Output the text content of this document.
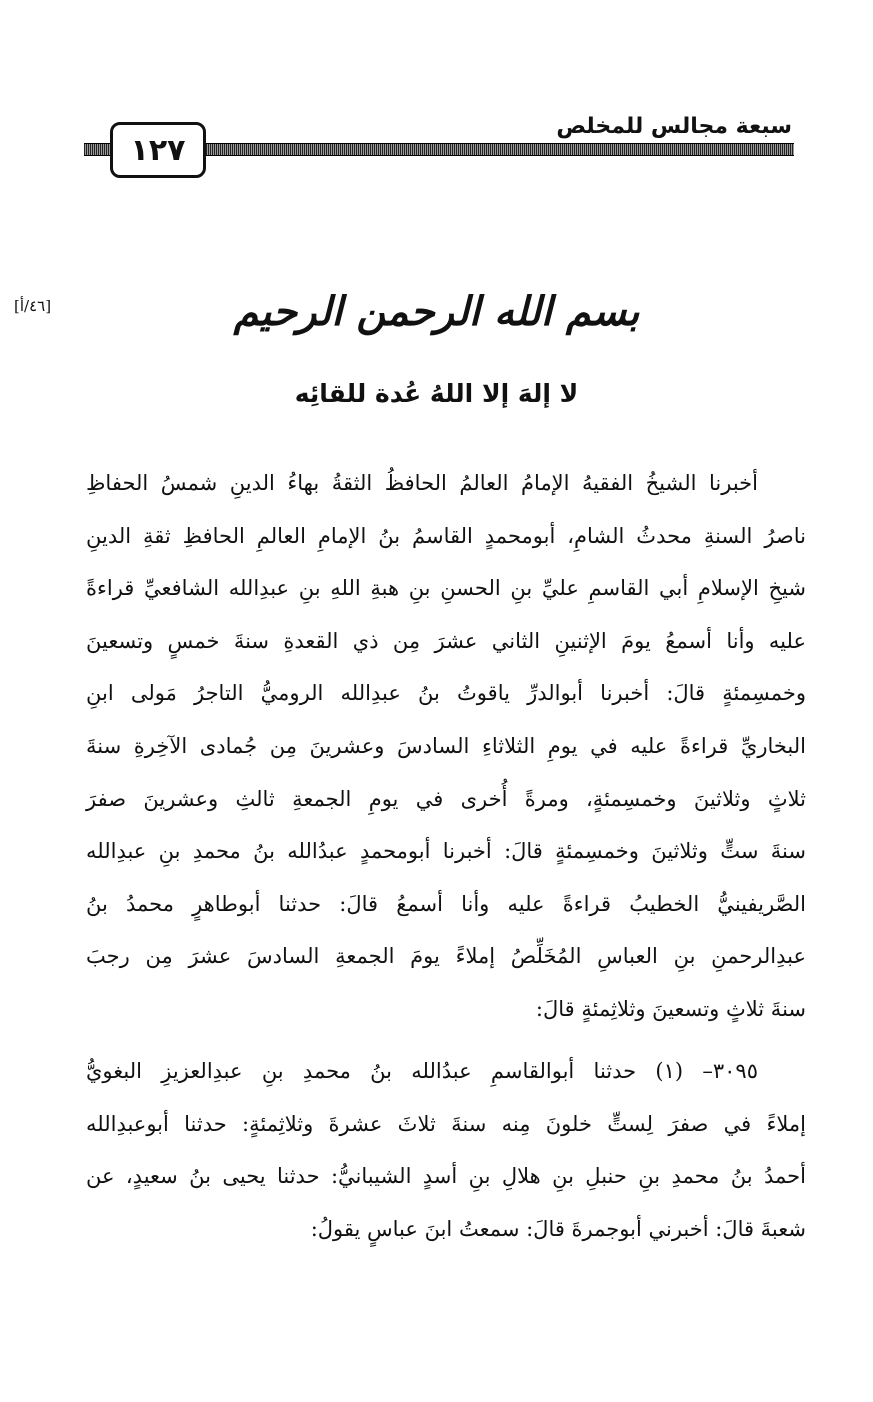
١٢٧
سبعة مجالس للمخلص
[٤٦/أ]	بسم الله الرحمن الرحيم
لا إلهَ إلا اللهُ عُدة للقائِه
أخبرنا الشيخُ الفقيهُ الإمامُ العالمُ الحافظُ الثقةُ بهاءُ الدينِ شمسُ الحفاظِ
ناصرُ السنةِ محدثُ الشامِ، أبومحمدٍ القاسمُ بنُ الإمامِ العالمِ الحافظِ ثقةِ الدينِ
شيخِ الإسلامِ أبي القاسمِ عليِّ بنِ الحسنِ بنِ هبةِ اللهِ بنِ عبدِالله الشافعيِّ قراءةً
عليه وأنا أسمعُ يومَ الإثنينِ الثاني عشرَ مِن ذي القعدةِ سنةَ خمسٍ وتسعينَ
وخمسِمئةٍ قالَ: أخبرنا أبوالدرِّ ياقوتُ بنُ عبدِالله الروميُّ التاجرُ مَولى ابنِ
البخاريِّ قراءةً عليه في يومِ الثلاثاءِ السادسَ وعشرينَ مِن جُمادى الآخِرةِ سنةَ
ثلاثٍ وثلاثينَ وخمسِمئةٍ، ومرةً أُخرى في يومِ الجمعةِ ثالثِ وعشرينَ صفرَ
سنةَ ستٍّ وثلاثينَ وخمسِمئةٍ قالَ: أخبرنا أبومحمدٍ عبدُالله بنُ محمدِ بنِ عبدِالله
الصَّريفينيُّ الخطيبُ قراءةً عليه وأنا أسمعُ قالَ: حدثنا أبوطاهرٍ محمدُ بنُ
عبدِالرحمنِ بنِ العباسِ المُخَلِّصُ إملاءً يومَ الجمعةِ السادسَ عشرَ مِن رجبَ
سنةَ ثلاثٍ وتسعينَ وثلاثِمئةٍ قالَ:
٣٠٩٥– (١) حدثنا أبوالقاسمِ عبدُالله بنُ محمدِ بنِ عبدِالعزيزِ البغويُّ
إملاءً في صفرَ لِستٍّ خلونَ مِنه سنةَ ثلاثَ عشرةَ وثلاثِمئةٍ: حدثنا أبوعبدِالله
أحمدُ بنُ محمدِ بنِ حنبلِ بنِ هلالِ بنِ أسدٍ الشيبانيُّ: حدثنا يحيى بنُ سعيدٍ، عن
شعبةَ قالَ: أخبرني أبوجمرةَ قالَ: سمعتُ ابنَ عباسٍ يقولُ:
